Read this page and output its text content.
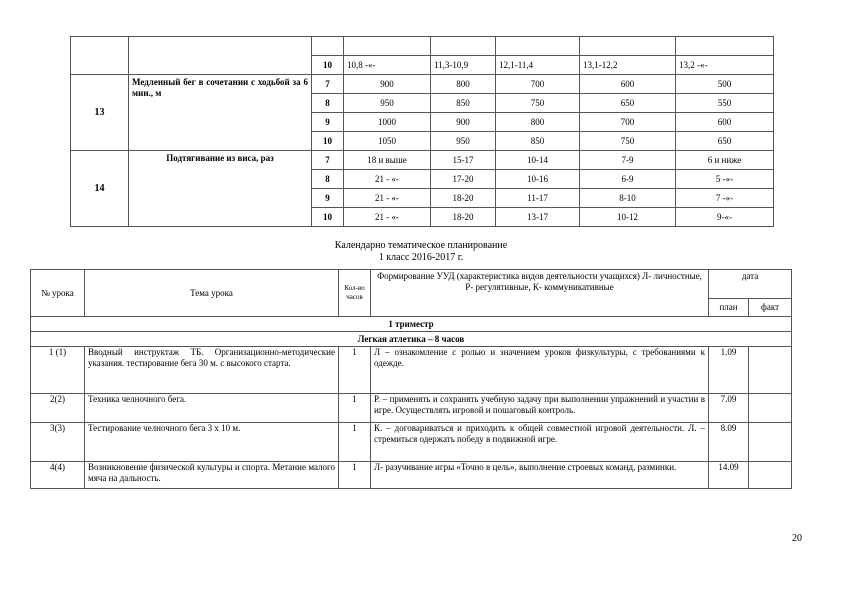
		10	10,8 -«-	11,3-10,9	12,1-11,4	13,1-12,2	13,2 -«-
13	Медленный бег в сочетании с ходьбой за 6 мин., м	7	900	800	700	600	500
		8	950	850	750	650	550
		9	1000	900	800	700	600
		10	1050	950	850	750	650
14	Подтягивание из виса, раз	7	18 и выше	15-17	10-14	7-9	6 и ниже
		8	21 - «-	17-20	10-16	6-9	5 -«-
		9	21 - «-	18-20	11-17	8-10	7 -«-
		10	21 - «-	18-20	13-17	10-12	9-«-
Календарно тематическое планирование
1 класс 2016-2017 г.
№ урока	Тема урока	Кол-во часов	Формирование УУД (характеристика видов деятельности учащихся) Л- личностные, Р- регулятивные, К- коммуникативные	дата	
				план	факт
1 триместр					
Легкая атлетика – 8 часов					
1 (1)	Вводный инструктаж ТБ. Организационно-методические указания. тестирование бега 30 м. с высокого старта.	1	Л – ознакомление с ролью и значением уроков физкультуры, с требованиями к одежде.	1.09	
2(2)	Техника челночного бега.	1	Р. – применять и сохранять учебную задачу при выполнении упражнений и участии в игре. Осуществлять игровой и пошаговый контроль.	7.09	
3(3)	Тестирование челночного бега 3 х 10 м.	1	К. – договариваться и приходить к общей совместной игровой деятельности. Л. – стремиться одержать победу в подвижной игре.	8.09	
4(4)	Возникновение физической культуры и спорта. Метание малого мяча на дальность.	1	Л- разучивание игры «Точно в цель», выполнение строевых команд, разминки.	14.09	
20
